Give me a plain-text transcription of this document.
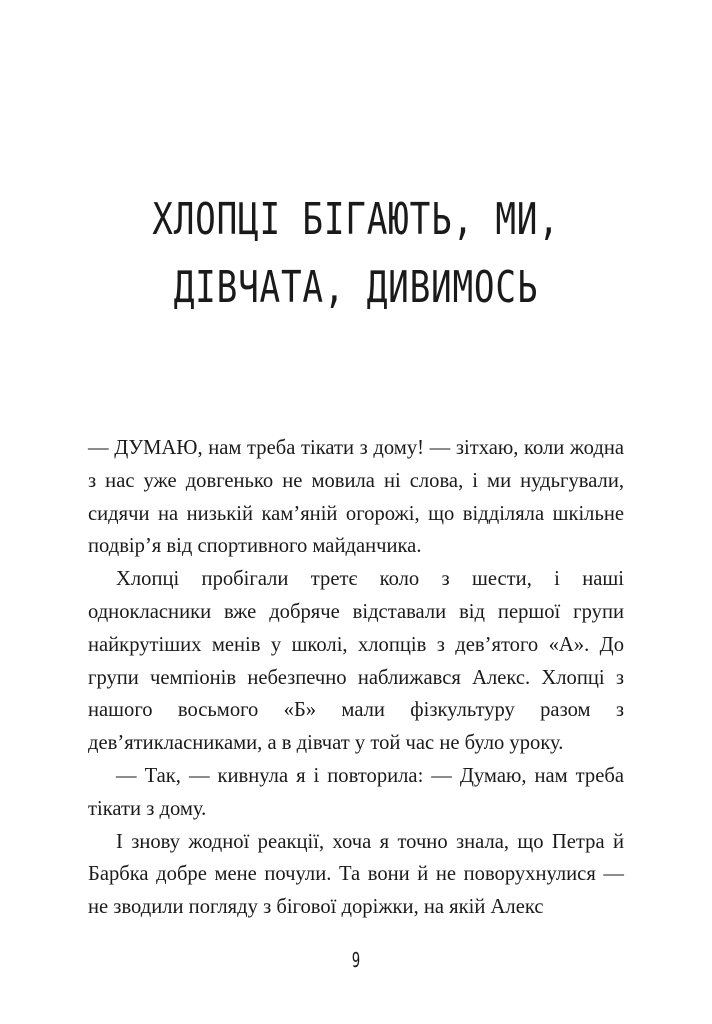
ХЛОПЦІ БІГАЮТЬ, МИ,
ДІВЧАТА, ДИВИМОСЬ

— ДУМАЮ, нам треба тікати з дому! — зітхаю, коли жодна з нас уже довгенько не мовила ні слова, і ми нудьгували, сидячи на низькій кам’яній огорожі, що відділяла шкільне подвір’я від спортивного майданчика.

Хлопці пробігали третє коло з шести, і наші однокласники вже добряче відставали від першої групи найкрутіших менів у школі, хлопців з дев’ятого «А». До групи чемпіонів небезпечно наближався Алекс. Хлопці з нашого восьмого «Б» мали фізкультуру разом з дев’ятикласниками, а в дівчат у той час не було уроку.

— Так, — кивнула я і повторила: — Думаю, нам треба тікати з дому.

І знову жодної реакції, хоча я точно знала, що Петра й Барбка добре мене почули. Та вони й не поворухнулися — не зводили погляду з бігової доріжки, на якій Алекс

9
